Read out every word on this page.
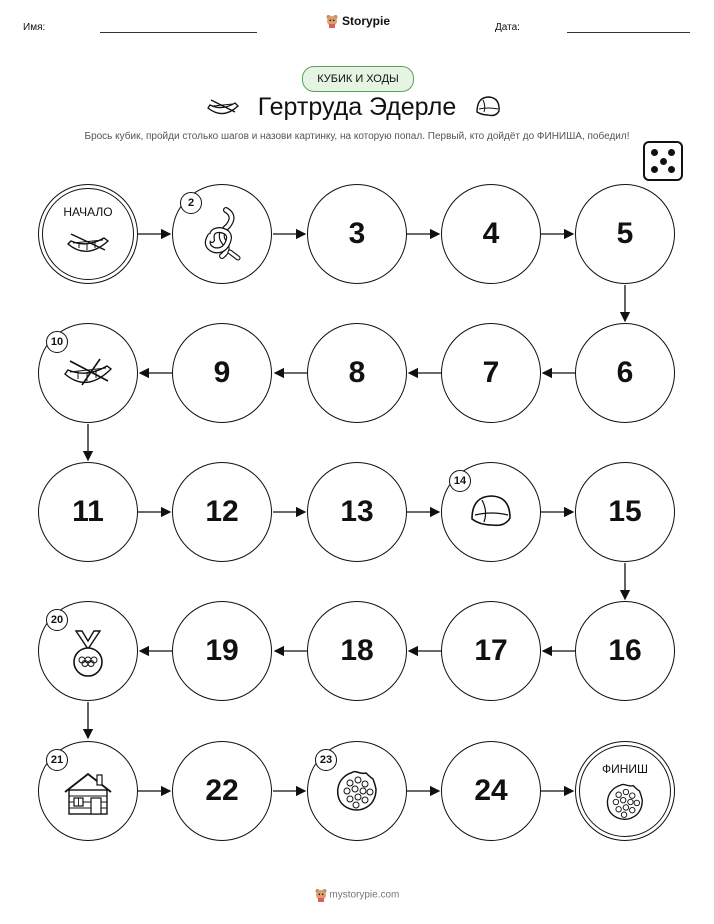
Имя:	Storypie	Дата:
КУБИК И ХОДЫ
Гертруда Эдерле
Брось кубик, пройди столько шагов и назови картинку, на которую попал. Первый, кто дойдёт до ФИНИША, победил!
НАЧАЛО
2
3	4	5
10
9	8	7	6
11	12	13
14
15
20
19	18	17	16
21
22
23
24
ФИНИШ
mystorypie.com
